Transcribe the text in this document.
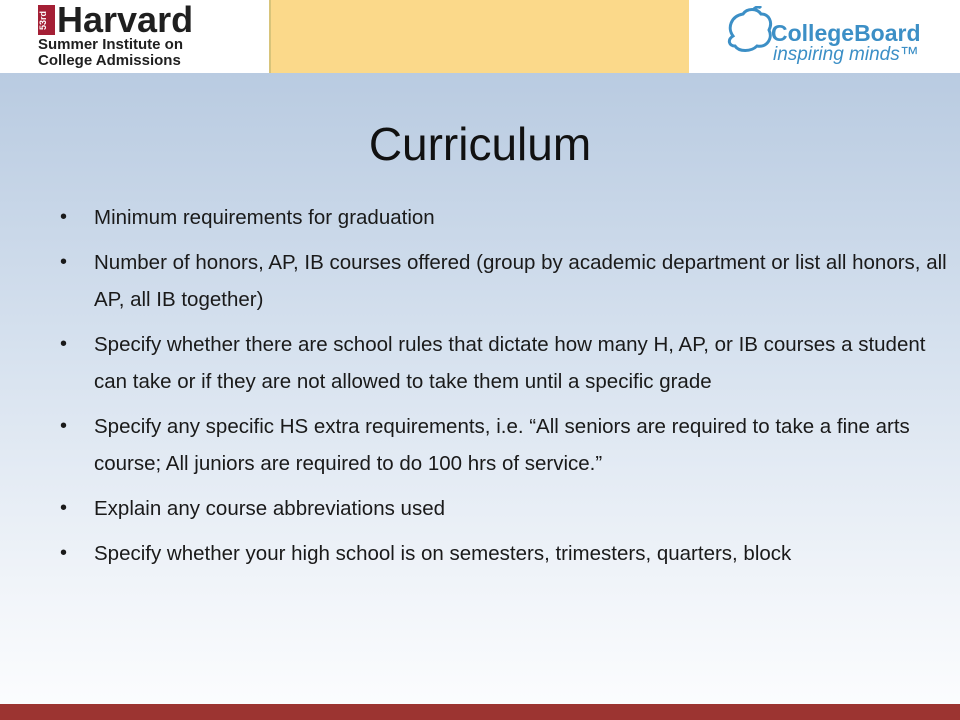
53rd Harvard
Summer Institute on
College Admissions
CollegeBoard
inspiring minds™
Curriculum
• Minimum requirements for graduation
• Number of honors, AP, IB courses offered (group by academic department or list all honors, all AP, all IB together)
• Specify whether there are school rules that dictate how many H, AP, or IB courses a student can take or if they are not allowed to take them until a specific grade
• Specify any specific HS extra requirements, i.e. “All seniors are required to take a fine arts course; All juniors are required to do 100 hrs of service.”
• Explain any course abbreviations used
• Specify whether your high school is on semesters, trimesters, quarters, block
